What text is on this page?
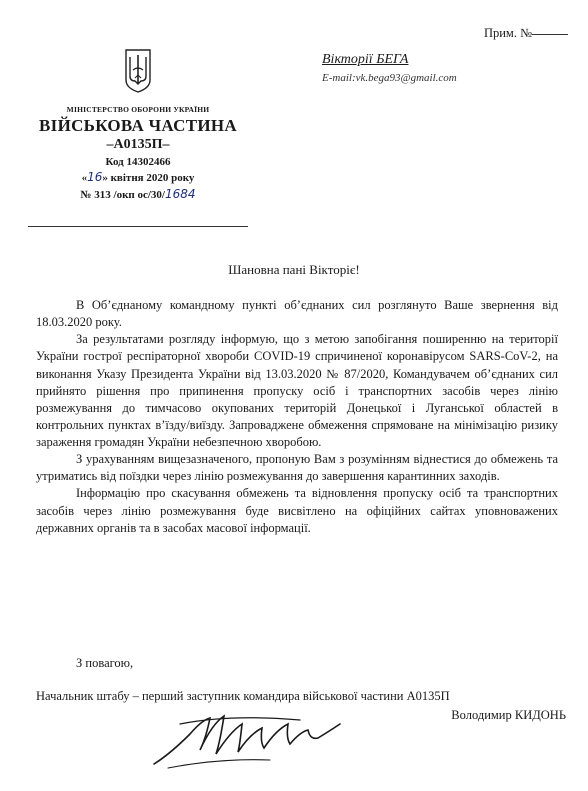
Прим. №
Вікторії БЕГА
E-mail:vk.bega93@gmail.com
МІНІСТЕРСТВО ОБОРОНИ УКРАЇНИ
ВІЙСЬКОВА ЧАСТИНА
–А0135П–
Код 14302466
«16» квітня 2020 року
№ 313 /окп ос/30/1684
Шановна пані Вікторіє!

В Об’єднаному командному пункті об’єднаних сил розглянуто Ваше звернення від 18.03.2020 року.

За результатами розгляду інформую, що з метою запобігання поширенню на території України гострої респіраторної хвороби COVID-19 спричиненої коронавірусом SARS-CoV-2, на виконання Указу Президента України від 13.03.2020 № 87/2020, Командувачем об’єднаних сил прийнято рішення про припинення пропуску осіб і транспортних засобів через лінію розмежування до тимчасово окупованих територій Донецької і Луганської областей в контрольних пунктах в’їзду/виїзду. Запроваджене обмеження спрямоване на мінімізацію ризику зараження громадян України небезпечною хворобою.

З урахуванням вищезазначеного, пропоную Вам з розумінням віднестися до обмежень та утриматись від поїздки через лінію розмежування до завершення карантинних заходів.

Інформацію про скасування обмежень та відновлення пропуску осіб та транспортних засобів через лінію розмежування буде висвітлено на офіційних сайтах уповноважених державних органів та в засобах масової інформації.

З повагою,
Начальник штабу – перший заступник командира військової частини А0135П
Володимир КИДОНЬ
